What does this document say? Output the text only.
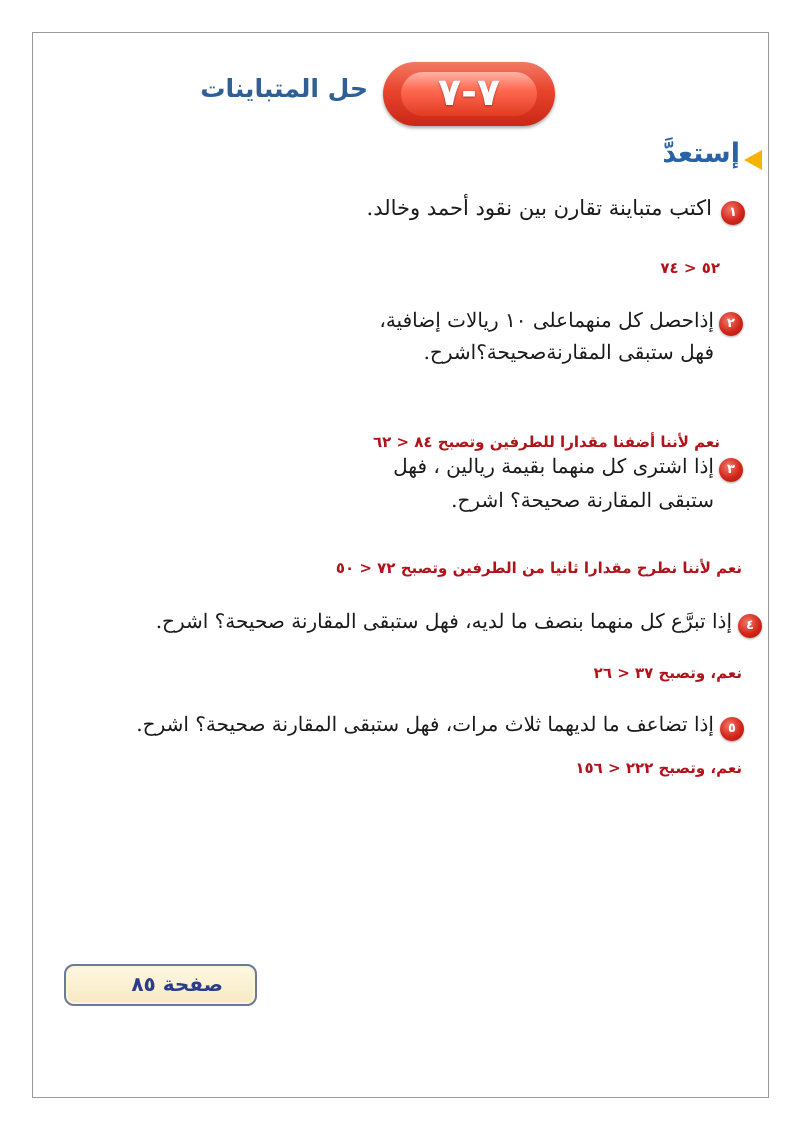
٧-٧
حل المتباينات
إستعدَّ
١
اكتب متباينة تقارن بين نقود أحمد وخالد.
٥٢ < ٧٤
٢
إذاحصل كل منهماعلى ١٠ ريالات إضافية،
فهل ستبقى المقارنةصحيحة؟اشرح.
نعم لأننا أضفنا مقدارا للطرفين وتصبح ٨٤ < ٦٢
٣
إذا اشترى كل منهما بقيمة ريالين ، فهل
ستبقى المقارنة صحيحة؟ اشرح.
نعم لأننا نطرح مقدارا ثانيا من الطرفين وتصبح ٧٢ < ٥٠
٤
إذا تبرَّع كل منهما بنصف ما لديه، فهل ستبقى المقارنة صحيحة؟ اشرح.
نعم، وتصبح ٣٧ < ٢٦
٥
إذا تضاعف ما لديهما ثلاث مرات، فهل ستبقى المقارنة صحيحة؟ اشرح.
نعم، وتصبح ٢٢٢ < ١٥٦
صفحة ٨٥
